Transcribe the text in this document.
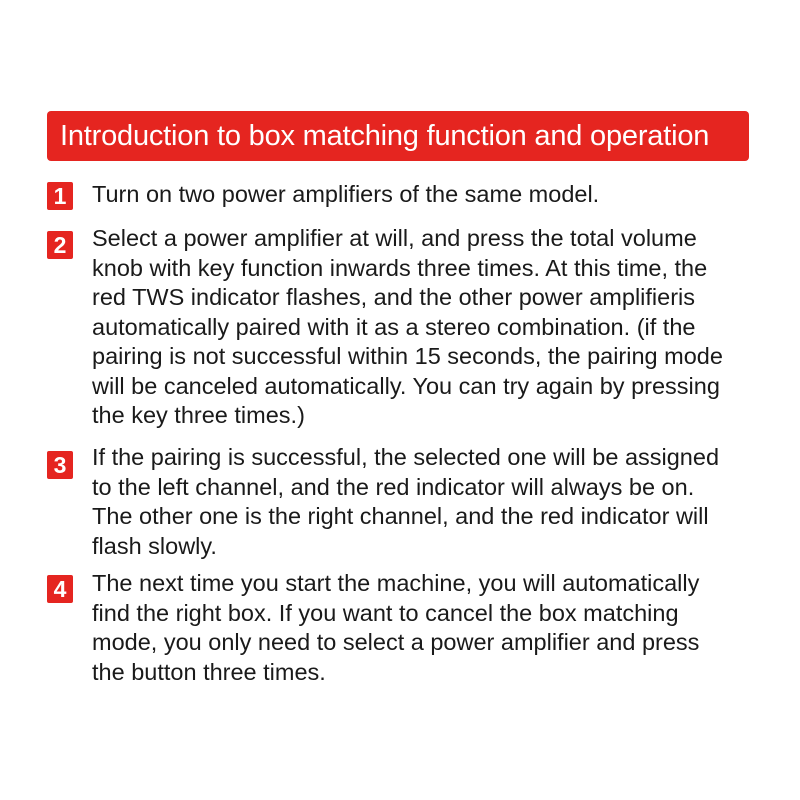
Introduction to box matching function and operation
1 Turn on two power amplifiers of the same model.
2 Select a power amplifier at will, and press the total volume
knob with key function inwards three times. At this time, the
red TWS indicator flashes, and the other power amplifieris
automatically paired with it as a stereo combination. (if the
pairing is not successful within 15 seconds, the pairing mode
will be canceled automatically. You can try again by pressing
the key three times.)
3 If the pairing is successful, the selected one will be assigned
to the left channel, and the red indicator will always be on.
The other one is the right channel, and the red indicator will
flash slowly.
4 The next time you start the machine, you will automatically
find the right box. If you want to cancel the box matching
mode, you only need to select a power amplifier and press
the button three times.
